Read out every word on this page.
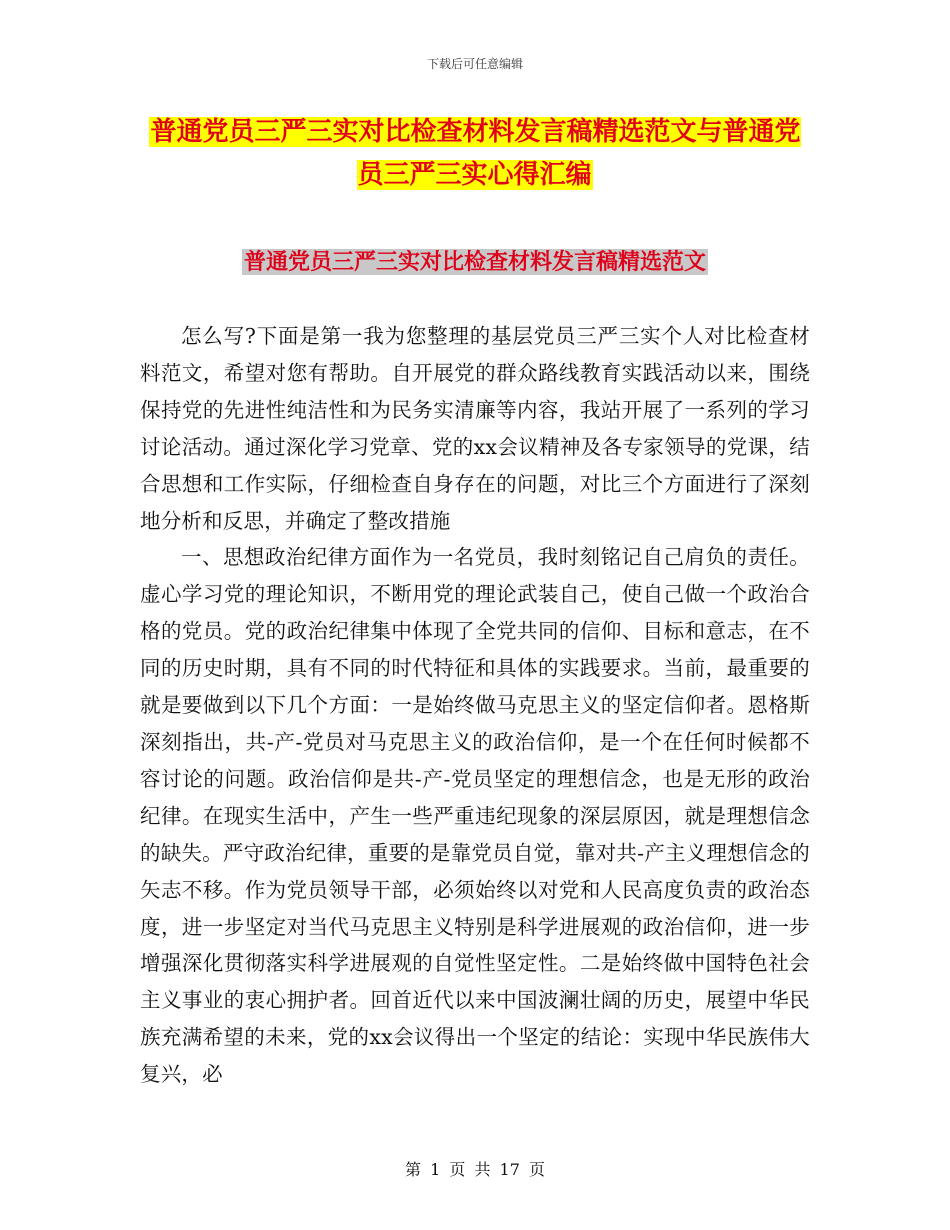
下载后可任意编辑
普通党员三严三实对比检查材料发言稿精选范文与普通党员三严三实心得汇编
普通党员三严三实对比检查材料发言稿精选范文

怎么写?下面是第一我为您整理的基层党员三严三实个人对比检查材料范文，希望对您有帮助。自开展党的群众路线教育实践活动以来，围绕保持党的先进性纯洁性和为民务实清廉等内容，我站开展了一系列的学习讨论活动。通过深化学习党章、党的xx会议精神及各专家领导的党课，结合思想和工作实际，仔细检查自身存在的问题，对比三个方面进行了深刻地分析和反思，并确定了整改措施

一、思想政治纪律方面作为一名党员，我时刻铭记自己肩负的责任。虚心学习党的理论知识，不断用党的理论武装自己，使自己做一个政治合格的党员。党的政治纪律集中体现了全党共同的信仰、目标和意志，在不同的历史时期，具有不同的时代特征和具体的实践要求。当前，最重要的就是要做到以下几个方面：一是始终做马克思主义的坚定信仰者。恩格斯深刻指出，共-产-党员对马克思主义的政治信仰，是一个在任何时候都不容讨论的问题。政治信仰是共-产-党员坚定的理想信念，也是无形的政治纪律。在现实生活中，产生一些严重违纪现象的深层原因，就是理想信念的缺失。严守政治纪律，重要的是靠党员自觉，靠对共-产主义理想信念的矢志不移。作为党员领导干部，必须始终以对党和人民高度负责的政治态度，进一步坚定对当代马克思主义特别是科学进展观的政治信仰，进一步增强深化贯彻落实科学进展观的自觉性坚定性。二是始终做中国特色社会主义事业的衷心拥护者。回首近代以来中国波澜壮阔的历史，展望中华民族充满希望的未来，党的xx会议得出一个坚定的结论：实现中华民族伟大复兴，必

第 1 页 共 17 页
